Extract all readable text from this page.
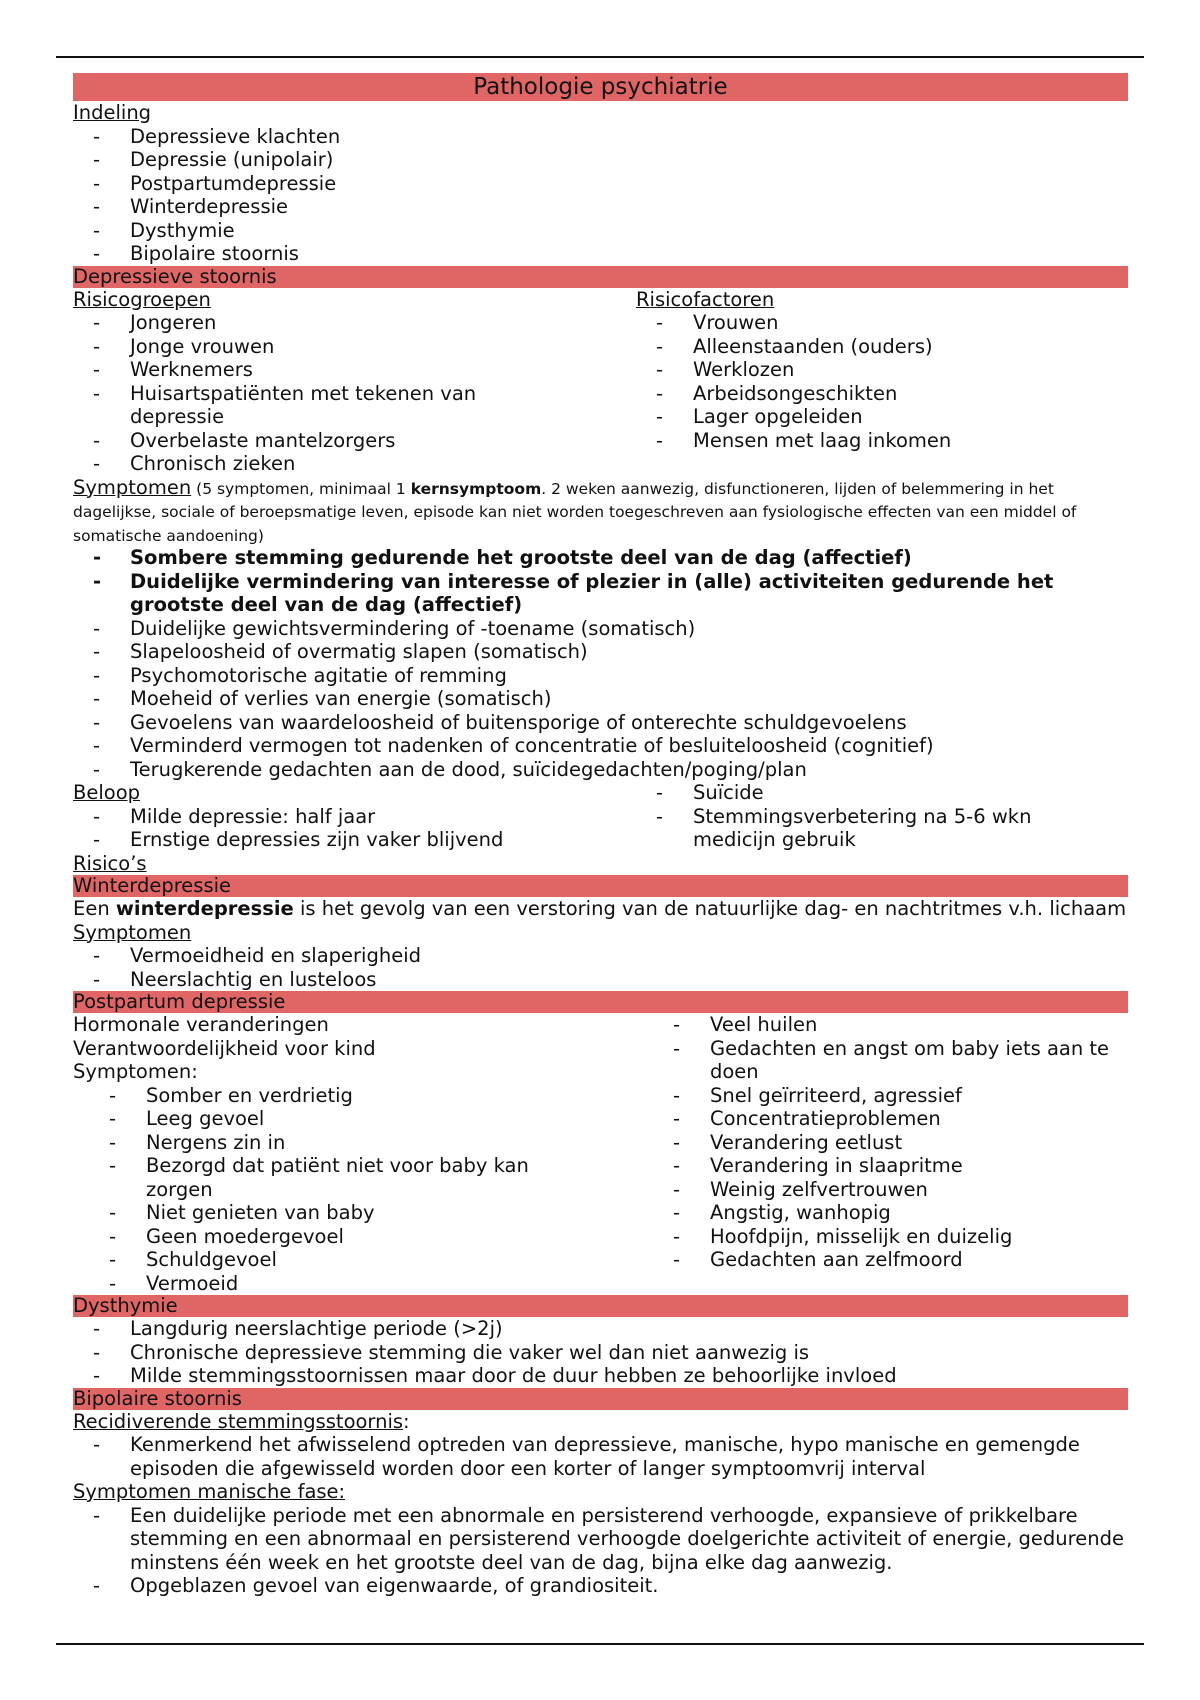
Pathologie psychiatrie
Indeling
- Depressieve klachten
- Depressie (unipolair)
- Postpartumdepressie
- Winterdepressie
- Dysthymie
- Bipolaire stoornis
Depressieve stoornis
Risicogroepen
- Jongeren
- Jonge vrouwen
- Werknemers
- Huisartspatiënten met tekenen van depressie
- Overbelaste mantelzorgers
- Chronisch zieken
Risicofactoren
- Vrouwen
- Alleenstaanden (ouders)
- Werklozen
- Arbeidsongeschikten
- Lager opgeleiden
- Mensen met laag inkomen
Symptomen (5 symptomen, minimaal 1 kernsymptoom. 2 weken aanwezig, disfunctioneren, lijden of belemmering in het dagelijkse, sociale of beroepsmatige leven, episode kan niet worden toegeschreven aan fysiologische effecten van een middel of somatische aandoening)
- Sombere stemming gedurende het grootste deel van de dag (affectief)
- Duidelijke vermindering van interesse of plezier in (alle) activiteiten gedurende het grootste deel van de dag (affectief)
- Duidelijke gewichtsvermindering of -toename (somatisch)
- Slapeloosheid of overmatig slapen (somatisch)
- Psychomotorische agitatie of remming
- Moeheid of verlies van energie (somatisch)
- Gevoelens van waardeloosheid of buitensporige of onterechte schuldgevoelens
- Verminderd vermogen tot nadenken of concentratie of besluiteloosheid (cognitief)
- Terugkerende gedachten aan de dood, suïcidegedachten/poging/plan
Beloop
- Milde depressie: half jaar
- Ernstige depressies zijn vaker blijvend
- Suïcide
- Stemmingsverbetering na 5-6 wkn medicijn gebruik
Risico’s
Winterdepressie
Een winterdepressie is het gevolg van een verstoring van de natuurlijke dag- en nachtritmes v.h. lichaam
Symptomen
- Vermoeidheid en slaperigheid
- Neerslachtig en lusteloos
Postpartum depressie
Hormonale veranderingen
Verantwoordelijkheid voor kind
Symptomen:
- Somber en verdrietig
- Leeg gevoel
- Nergens zin in
- Bezorgd dat patiënt niet voor baby kan zorgen
- Niet genieten van baby
- Geen moedergevoel
- Schuldgevoel
- Vermoeid
- Veel huilen
- Gedachten en angst om baby iets aan te doen
- Snel geïrriteerd, agressief
- Concentratieproblemen
- Verandering eetlust
- Verandering in slaapritme
- Weinig zelfvertrouwen
- Angstig, wanhopig
- Hoofdpijn, misselijk en duizelig
- Gedachten aan zelfmoord
Dysthymie
- Langdurig neerslachtige periode (>2j)
- Chronische depressieve stemming die vaker wel dan niet aanwezig is
- Milde stemmingsstoornissen maar door de duur hebben ze behoorlijke invloed
Bipolaire stoornis
Recidiverende stemmingsstoornis:
- Kenmerkend het afwisselend optreden van depressieve, manische, hypo manische en gemengde episoden die afgewisseld worden door een korter of langer symptoomvrij interval
Symptomen manische fase:
- Een duidelijke periode met een abnormale en persisterend verhoogde, expansieve of prikkelbare stemming en een abnormaal en persisterend verhoogde doelgerichte activiteit of energie, gedurende minstens één week en het grootste deel van de dag, bijna elke dag aanwezig.
- Opgeblazen gevoel van eigenwaarde, of grandiositeit.
